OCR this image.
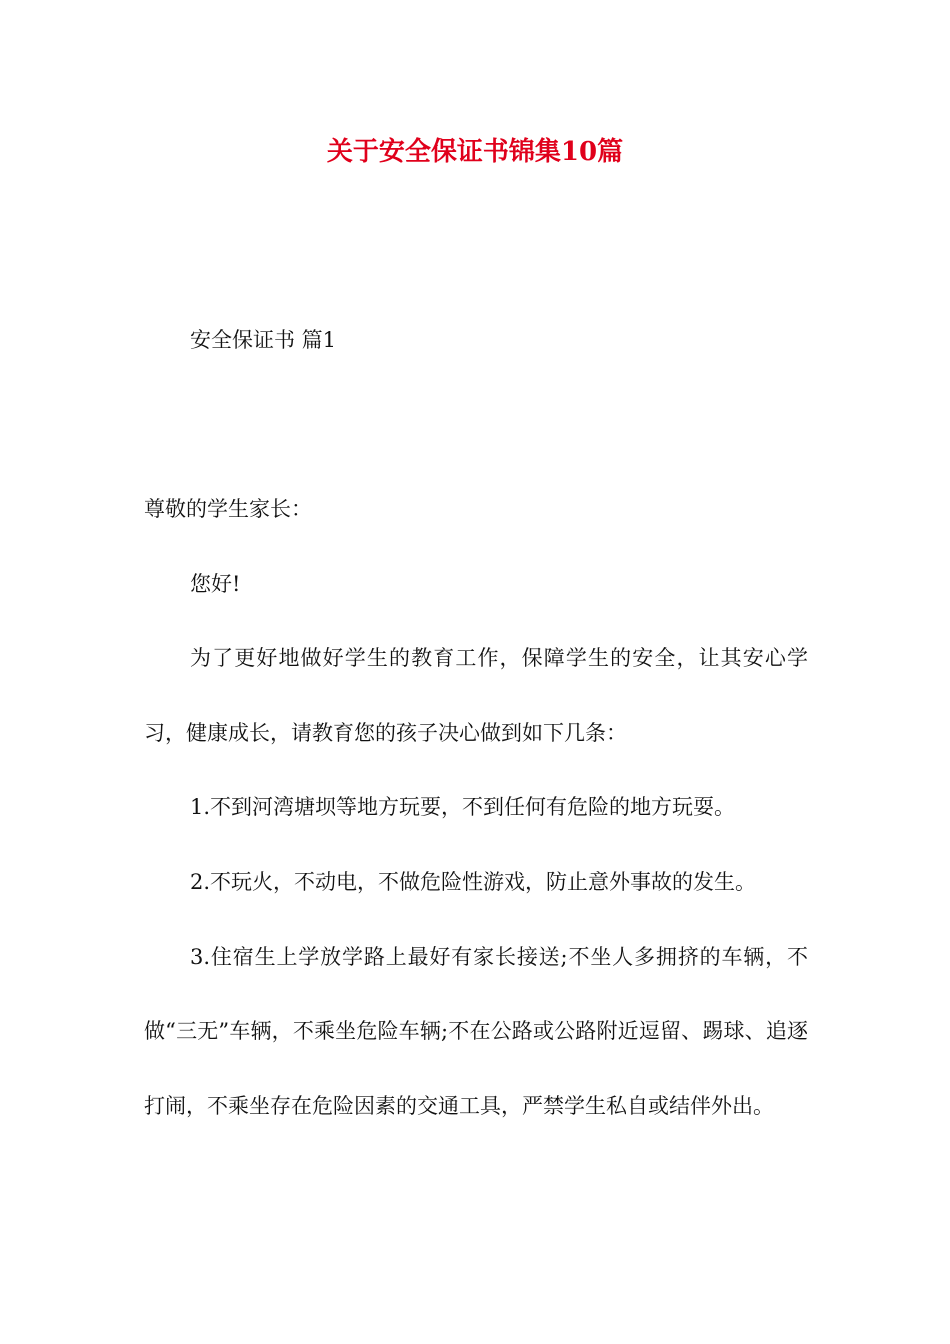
关于安全保证书锦集10篇
安全保证书 篇1

尊敬的学生家长：

您好!

为了更好地做好学生的教育工作，保障学生的安全，让其安心学习，健康成长，请教育您的孩子决心做到如下几条：

1.不到河湾塘坝等地方玩要，不到任何有危险的地方玩耍。

2.不玩火，不动电，不做危险性游戏，防止意外事故的发生。

3.住宿生上学放学路上最好有家长接送;不坐人多拥挤的车辆，不做“三无”车辆，不乘坐危险车辆;不在公路或公路附近逗留、踢球、追逐打闹，不乘坐存在危险因素的交通工具，严禁学生私自或结伴外出。
